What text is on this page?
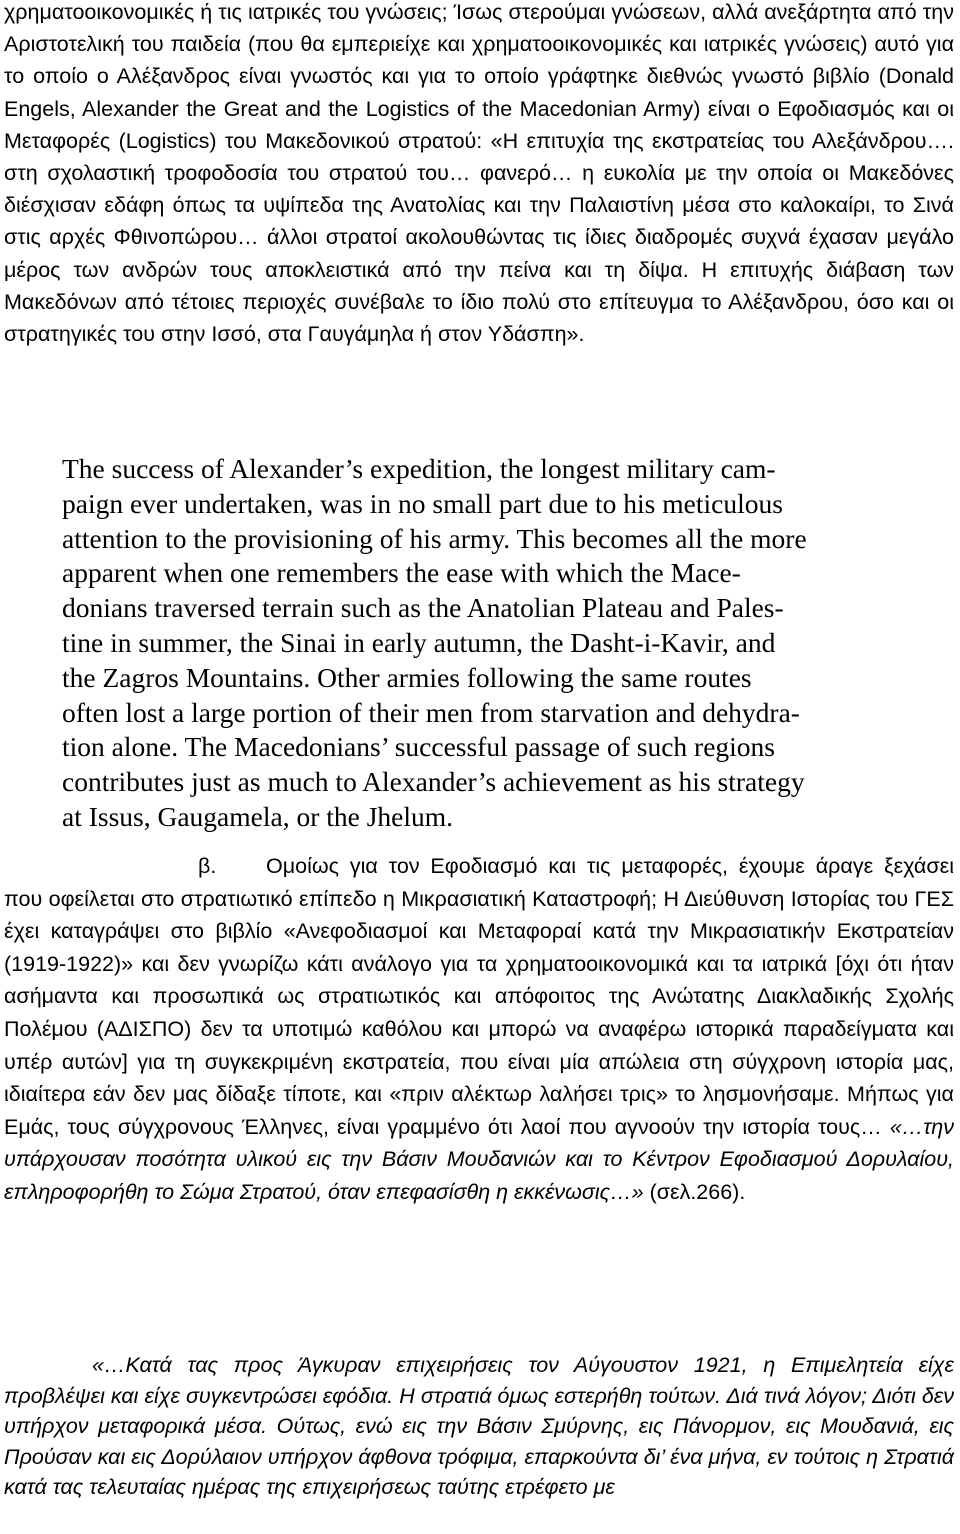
χρηματοοικονομικές ή τις ιατρικές του γνώσεις; Ίσως στερούμαι γνώσεων, αλλά ανεξάρτητα από την Αριστοτελική του παιδεία (που θα εμπεριείχε και χρηματοοικονομικές και ιατρικές γνώσεις) αυτό για το οποίο ο Αλέξανδρος είναι γνωστός και για το οποίο γράφτηκε διεθνώς γνωστό βιβλίο (Donald Engels, Alexander the Great and the Logistics of the Macedonian Army) είναι ο Εφοδιασμός και οι Μεταφορές (Logistics) του Μακεδονικού στρατού: «Η επιτυχία της εκστρατείας του Αλεξάνδρου…. στη σχολαστική τροφοδοσία του στρατού του… φανερό… η ευκολία με την οποία οι Μακεδόνες διέσχισαν εδάφη όπως τα υψίπεδα της Ανατολίας και την Παλαιστίνη μέσα στο καλοκαίρι, το Σινά στις αρχές Φθινοπώρου… άλλοι στρατοί ακολουθώντας τις ίδιες διαδρομές συχνά έχασαν μεγάλο μέρος των ανδρών τους αποκλειστικά από την πείνα και τη δίψα. Η επιτυχής διάβαση των Μακεδόνων από τέτοιες περιοχές συνέβαλε το ίδιο πολύ στο επίτευγμα το Αλέξανδρου, όσο και οι στρατηγικές του στην Ισσό, στα Γαυγάμηλα ή στον Υδάσπη».

The success of Alexander’s expedition, the longest military cam-
paign ever undertaken, was in no small part due to his meticulous
attention to the provisioning of his army. This becomes all the more
apparent when one remembers the ease with which the Mace-
donians traversed terrain such as the Anatolian Plateau and Pales-
tine in summer, the Sinai in early autumn, the Dasht-i-Kavir, and
the Zagros Mountains. Other armies following the same routes
often lost a large portion of their men from starvation and dehydra-
tion alone. The Macedonians’ successful passage of such regions
contributes just as much to Alexander’s achievement as his strategy
at Issus, Gaugamela, or the Jhelum.

β. Ομοίως για τον Εφοδιασμό και τις μεταφορές, έχουμε άραγε ξεχάσει που οφείλεται στο στρατιωτικό επίπεδο η Μικρασιατική Καταστροφή; Η Διεύθυνση Ιστορίας του ΓΕΣ έχει καταγράψει στο βιβλίο «Ανεφοδιασμοί και Μεταφοραί κατά την Μικρασιατικήν Εκστρατείαν (1919-1922)» και δεν γνωρίζω κάτι ανάλογο για τα χρηματοοικονομικά και τα ιατρικά [όχι ότι ήταν ασήμαντα και προσωπικά ως στρατιωτικός και απόφοιτος της Ανώτατης Διακλαδικής Σχολής Πολέμου (ΑΔΙΣΠΟ) δεν τα υποτιμώ καθόλου και μπορώ να αναφέρω ιστορικά παραδείγματα και υπέρ αυτών] για τη συγκεκριμένη εκστρατεία, που είναι μία απώλεια στη σύγχρονη ιστορία μας, ιδιαίτερα εάν δεν μας δίδαξε τίποτε, και «πριν αλέκτωρ λαλήσει τρις» το λησμονήσαμε. Μήπως για Εμάς, τους σύγχρονους Έλληνες, είναι γραμμένο ότι λαοί που αγνοούν την ιστορία τους… «…την υπάρχουσαν ποσότητα υλικού εις την Βάσιν Μουδανιών και το Κέντρον Εφοδιασμού Δορυλαίου, επληροφορήθη το Σώμα Στρατού, όταν επεφασίσθη η εκκένωσις…» (σελ.266).

«…Κατά τας προς Άγκυραν επιχειρήσεις τον Αύγουστον 1921, η Επιμελητεία είχε προβλέψει και είχε συγκεντρώσει εφόδια. Η στρατιά όμως εστερήθη τούτων. Διά τινά λόγον; Διότι δεν υπήρχον μεταφορικά μέσα. Ούτως, ενώ εις την Βάσιν Σμύρνης, εις Πάνορμον, εις Μουδανιά, εις Προύσαν και εις Δορύλαιον υπήρχον άφθονα τρόφιμα, επαρκούντα δι’ ένα μήνα, εν τούτοις η Στρατιά κατά τας τελευταίας ημέρας της επιχειρήσεως ταύτης ετρέφετο με
